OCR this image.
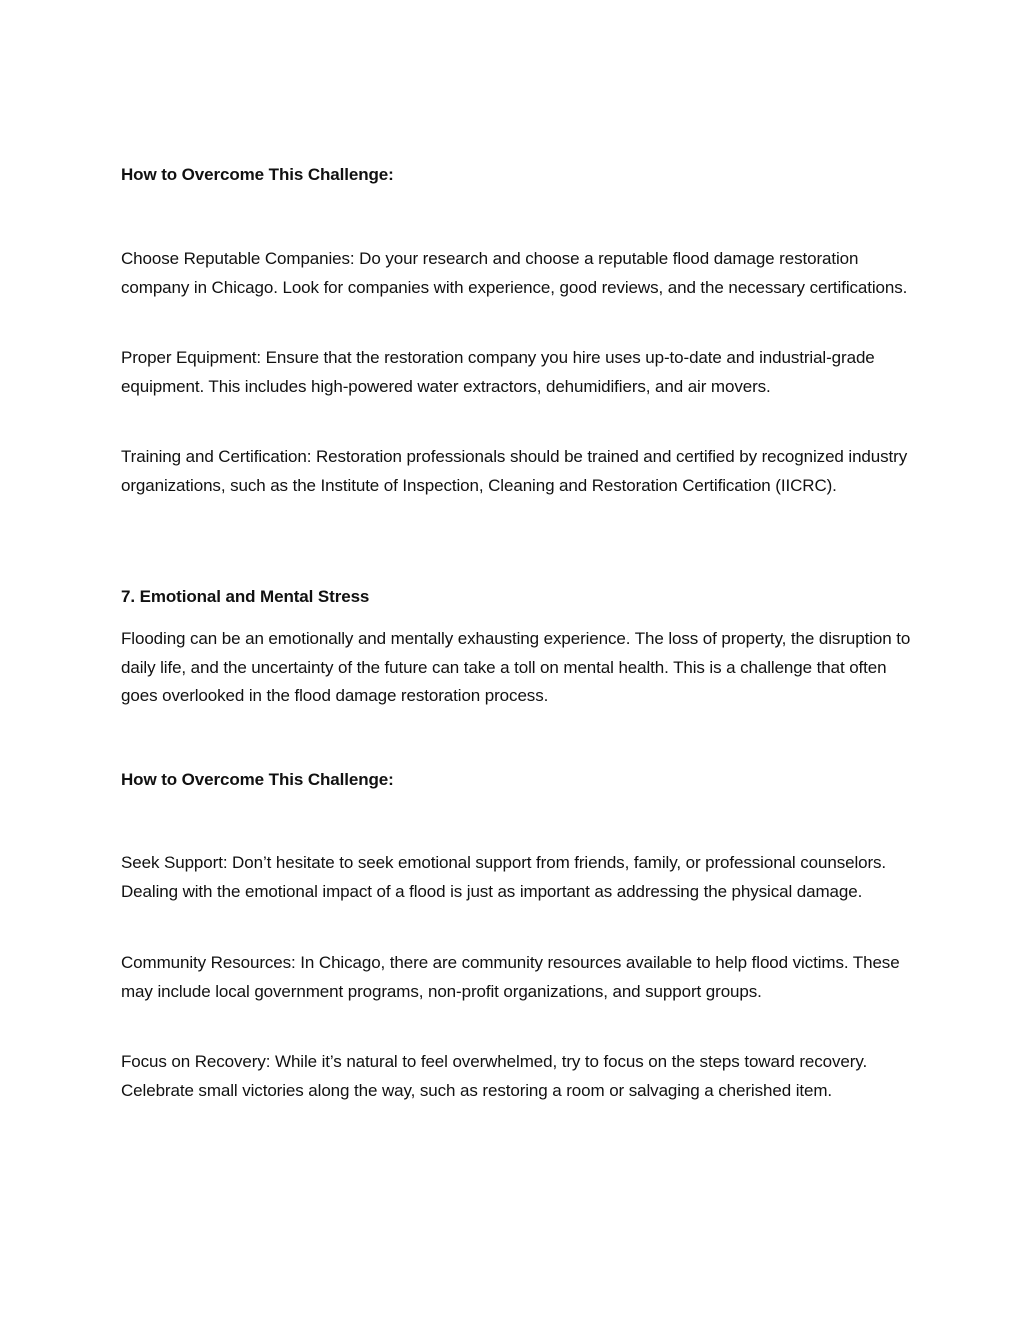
How to Overcome This Challenge:

Choose Reputable Companies: Do your research and choose a reputable flood damage restoration company in Chicago. Look for companies with experience, good reviews, and the necessary certifications.

Proper Equipment: Ensure that the restoration company you hire uses up-to-date and industrial-grade equipment. This includes high-powered water extractors, dehumidifiers, and air movers.

Training and Certification: Restoration professionals should be trained and certified by recognized industry organizations, such as the Institute of Inspection, Cleaning and Restoration Certification (IICRC).

7. Emotional and Mental Stress

Flooding can be an emotionally and mentally exhausting experience. The loss of property, the disruption to daily life, and the uncertainty of the future can take a toll on mental health. This is a challenge that often goes overlooked in the flood damage restoration process.

How to Overcome This Challenge:

Seek Support: Don’t hesitate to seek emotional support from friends, family, or professional counselors. Dealing with the emotional impact of a flood is just as important as addressing the physical damage.

Community Resources: In Chicago, there are community resources available to help flood victims. These may include local government programs, non-profit organizations, and support groups.

Focus on Recovery: While it’s natural to feel overwhelmed, try to focus on the steps toward recovery. Celebrate small victories along the way, such as restoring a room or salvaging a cherished item.
